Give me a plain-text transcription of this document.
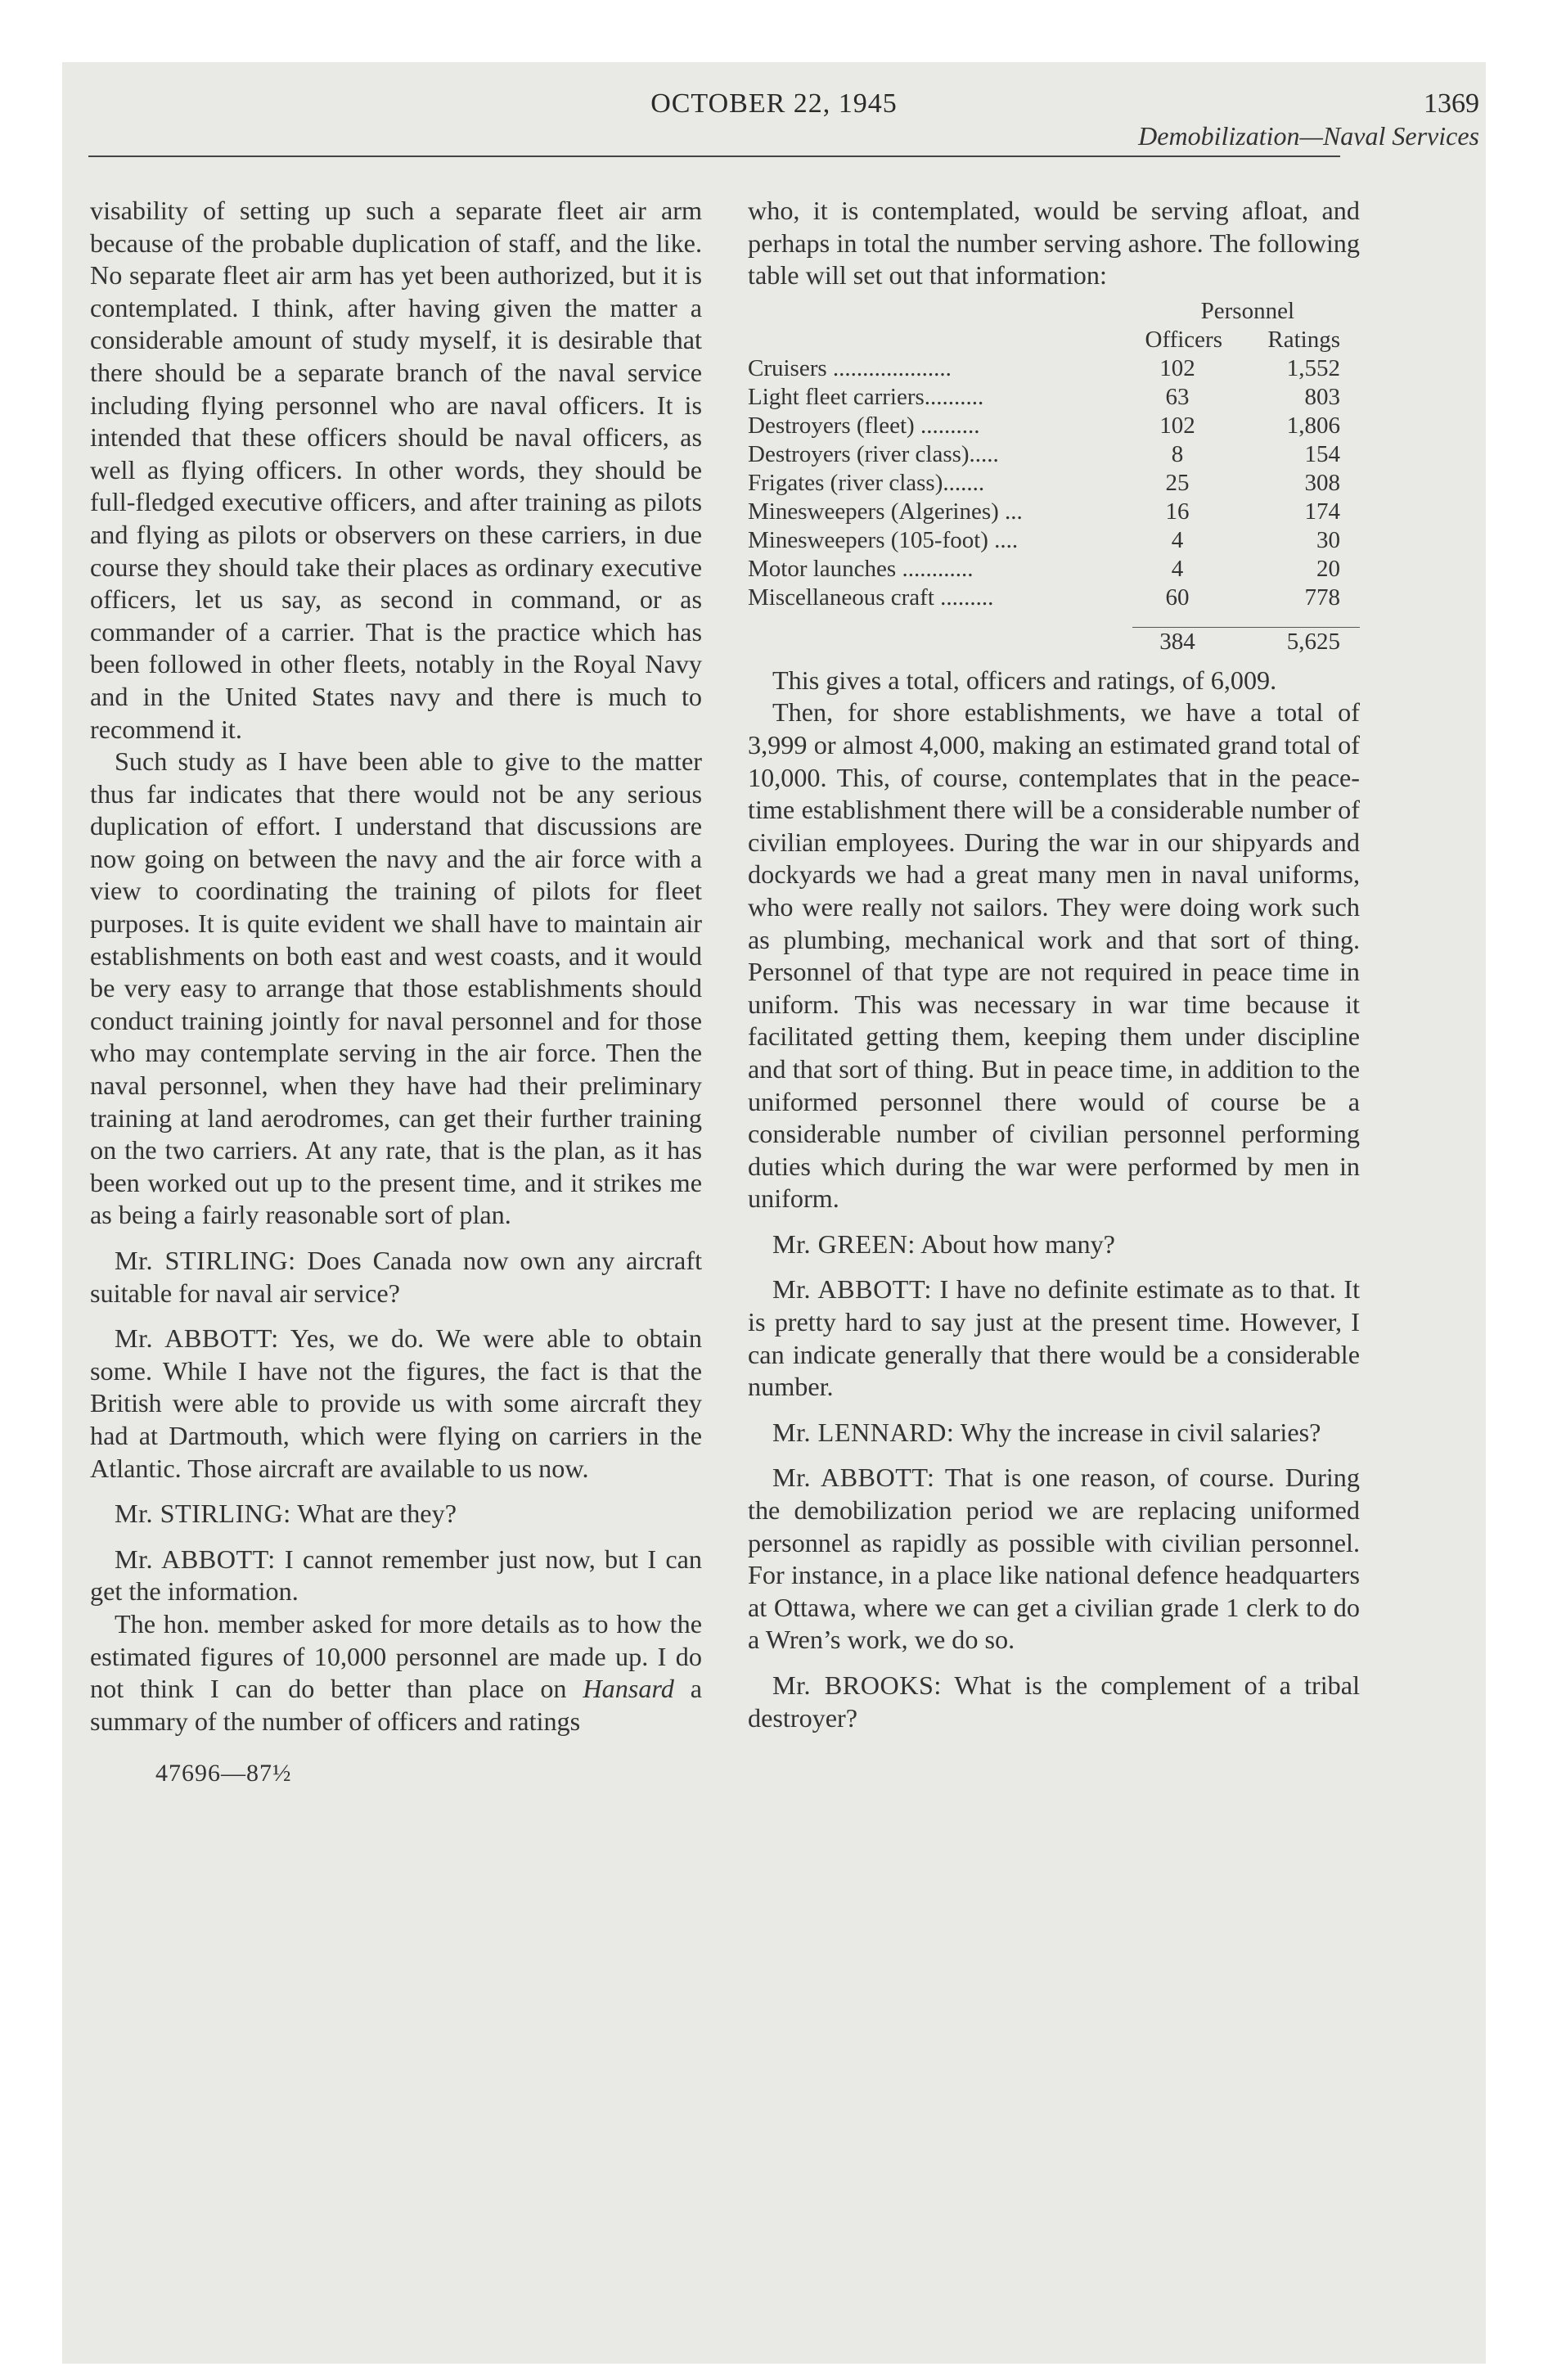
OCTOBER 22, 1945	1369
Demobilization—Naval Services

visability of setting up such a separate fleet air arm because of the probable duplication of staff, and the like. No separate fleet air arm has yet been authorized, but it is contemplated. I think, after having given the matter a considerable amount of study myself, it is desirable that there should be a separate branch of the naval service including flying personnel who are naval officers. It is intended that these officers should be naval officers, as well as flying officers. In other words, they should be full-fledged executive officers, and after training as pilots and flying as pilots or observers on these carriers, in due course they should take their places as ordinary executive officers, let us say, as second in command, or as commander of a carrier. That is the practice which has been followed in other fleets, notably in the Royal Navy and in the United States navy and there is much to recommend it.

Such study as I have been able to give to the matter thus far indicates that there would not be any serious duplication of effort. I understand that discussions are now going on between the navy and the air force with a view to coordinating the training of pilots for fleet purposes. It is quite evident we shall have to maintain air establishments on both east and west coasts, and it would be very easy to arrange that those establishments should conduct training jointly for naval personnel and for those who may contemplate serving in the air force. Then the naval personnel, when they have had their preliminary training at land aerodromes, can get their further training on the two carriers. At any rate, that is the plan, as it has been worked out up to the present time, and it strikes me as being a fairly reasonable sort of plan.

Mr. STIRLING: Does Canada now own any aircraft suitable for naval air service?

Mr. ABBOTT: Yes, we do. We were able to obtain some. While I have not the figures, the fact is that the British were able to provide us with some aircraft they had at Dartmouth, which were flying on carriers in the Atlantic. Those aircraft are available to us now.

Mr. STIRLING: What are they?

Mr. ABBOTT: I cannot remember just now, but I can get the information.

The hon. member asked for more details as to how the estimated figures of 10,000 personnel are made up. I do not think I can do better than place on Hansard a summary of the number of officers and ratings

47696—87½

who, it is contemplated, would be serving afloat, and perhaps in total the number serving ashore. The following table will set out that information:

Personnel
Officers	Ratings
Cruisers ....................	102	1,552
Light fleet carriers..........	63	803
Destroyers (fleet) ..........	102	1,806
Destroyers (river class).....	8	154
Frigates (river class).......	25	308
Minesweepers (Algerines) ...	16	174
Minesweepers (105-foot) ....	4	30
Motor launches ............	4	20
Miscellaneous craft .........	60	778
384	5,625

This gives a total, officers and ratings, of 6,009.

Then, for shore establishments, we have a total of 3,999 or almost 4,000, making an estimated grand total of 10,000. This, of course, contemplates that in the peace-time establishment there will be a considerable number of civilian employees. During the war in our shipyards and dockyards we had a great many men in naval uniforms, who were really not sailors. They were doing work such as plumbing, mechanical work and that sort of thing. Personnel of that type are not required in peace time in uniform. This was necessary in war time because it facilitated getting them, keeping them under discipline and that sort of thing. But in peace time, in addition to the uniformed personnel there would of course be a considerable number of civilian personnel performing duties which during the war were performed by men in uniform.

Mr. GREEN: About how many?

Mr. ABBOTT: I have no definite estimate as to that. It is pretty hard to say just at the present time. However, I can indicate generally that there would be a considerable number.

Mr. LENNARD: Why the increase in civil salaries?

Mr. ABBOTT: That is one reason, of course. During the demobilization period we are replacing uniformed personnel as rapidly as possible with civilian personnel. For instance, in a place like national defence headquarters at Ottawa, where we can get a civilian grade 1 clerk to do a Wren’s work, we do so.

Mr. BROOKS: What is the complement of a tribal destroyer?
